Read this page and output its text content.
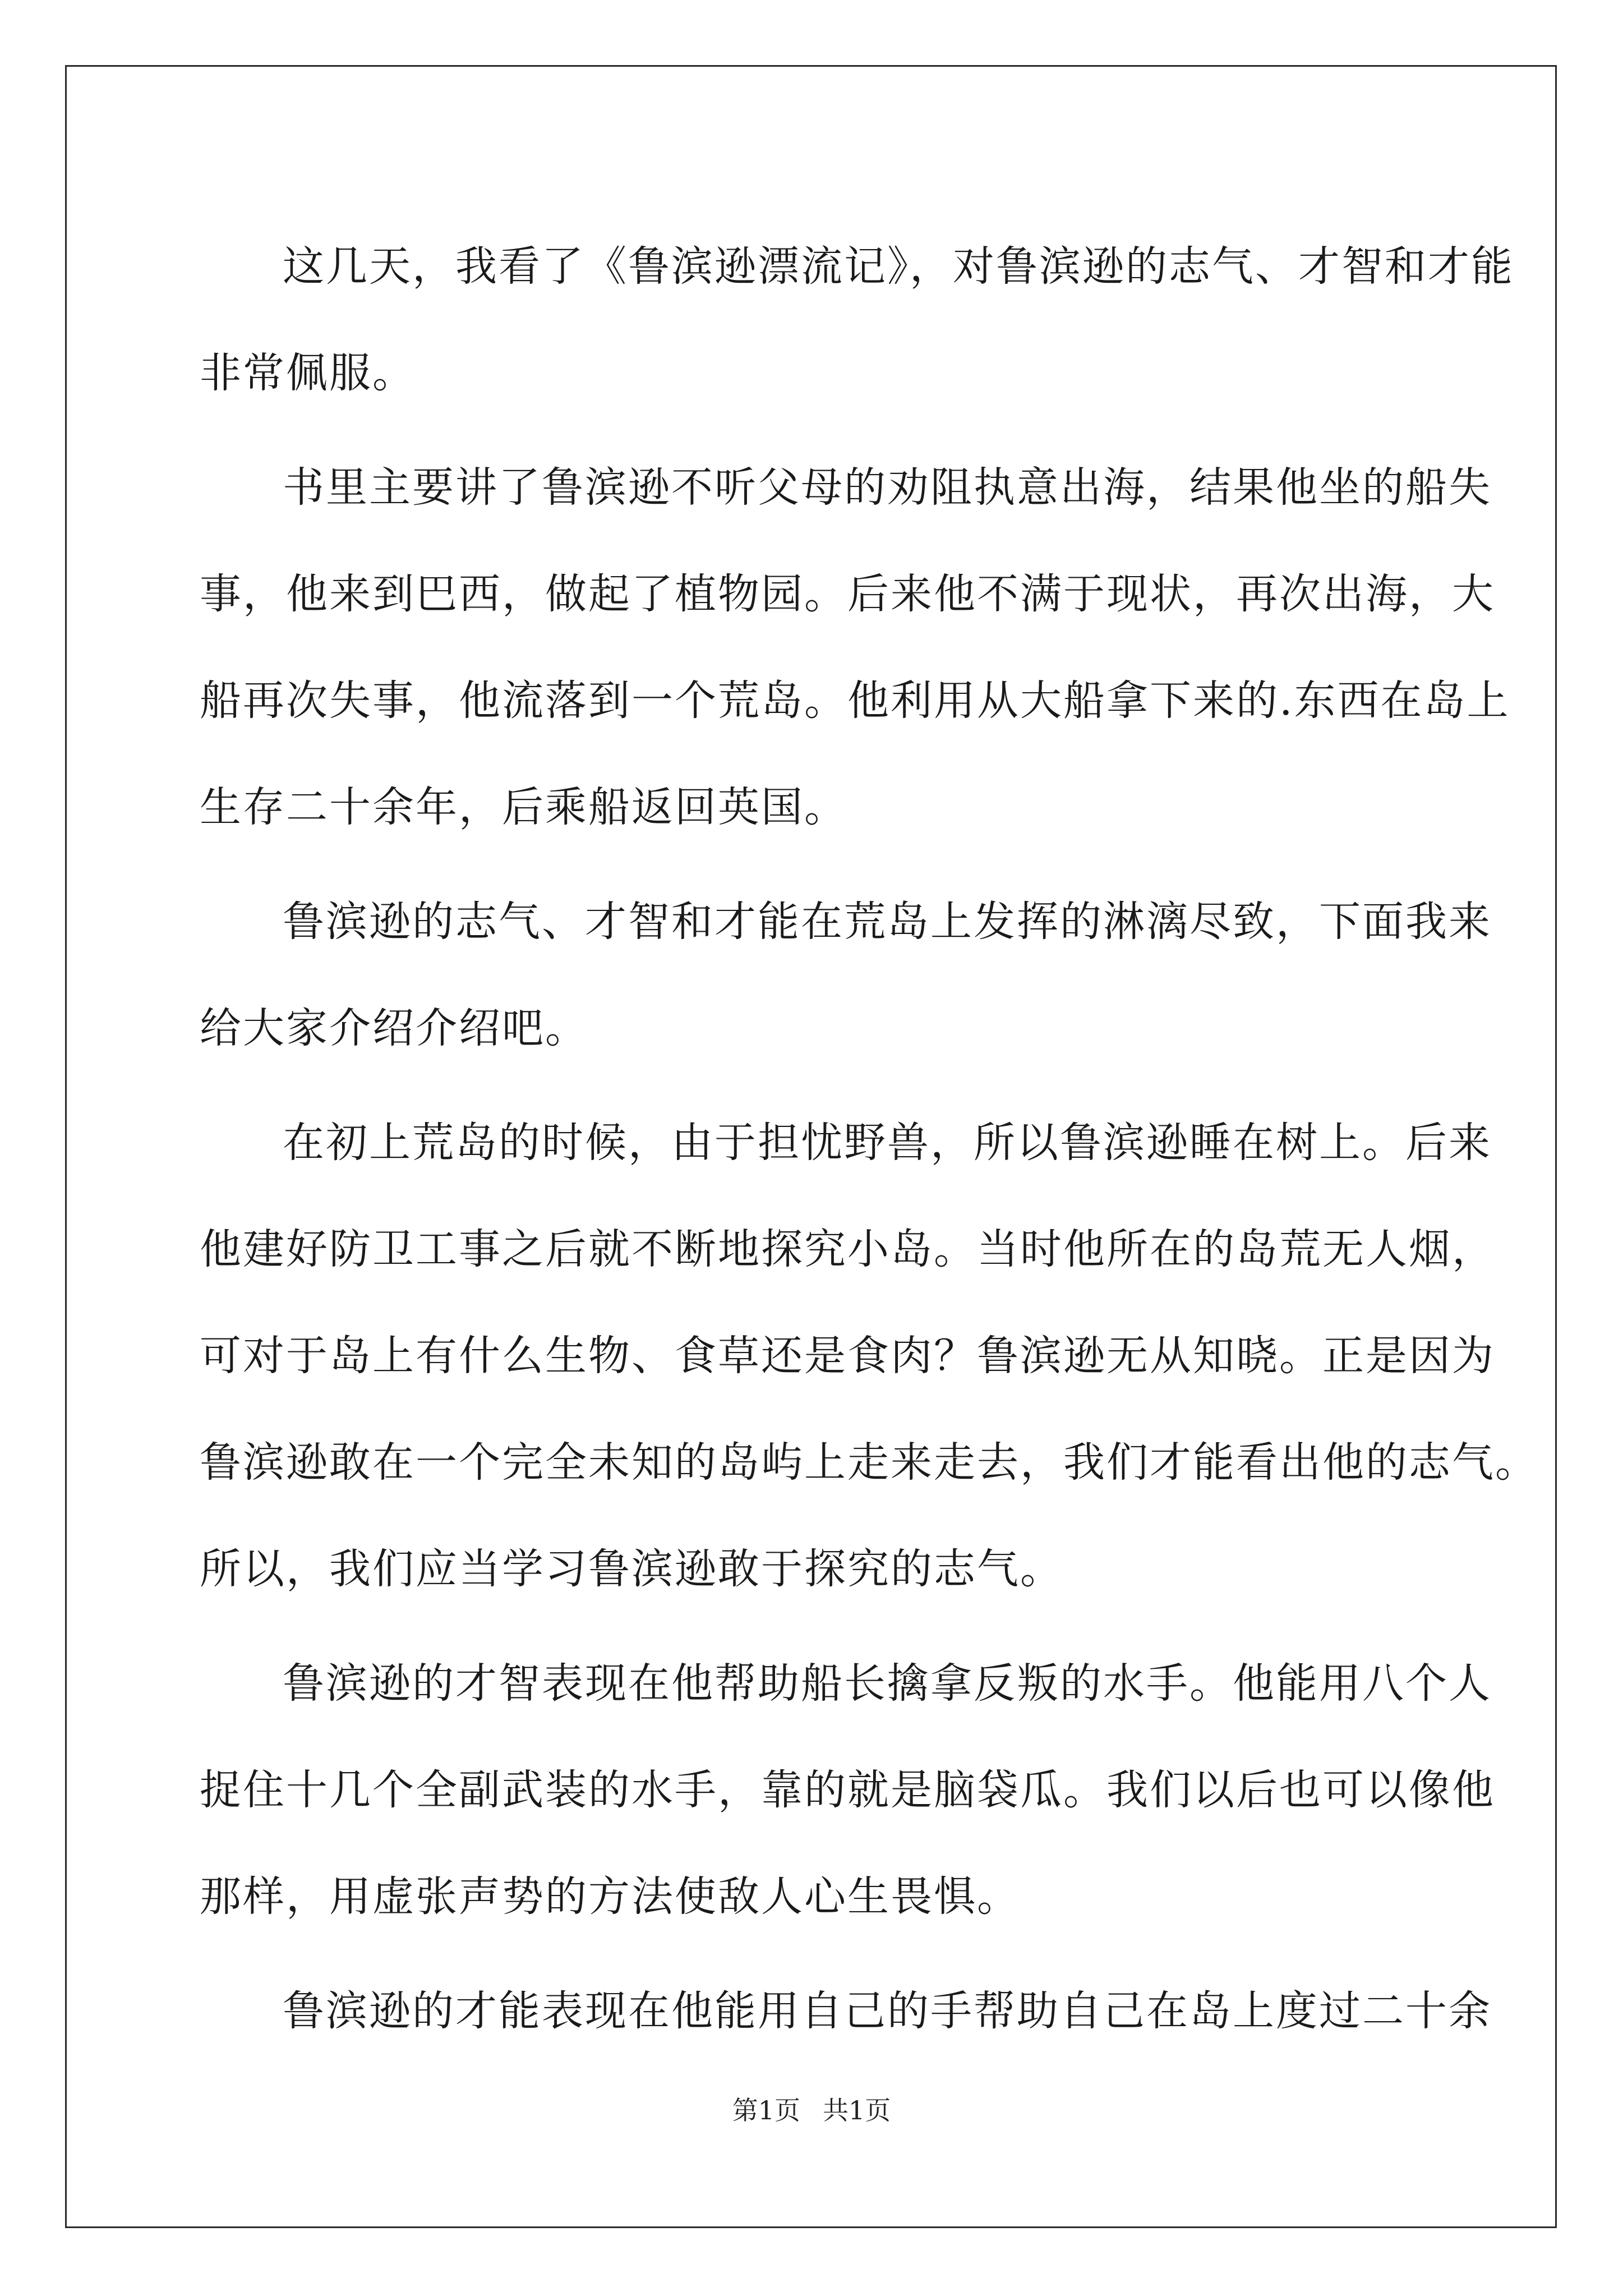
这几天，我看了《鲁滨逊漂流记》，对鲁滨逊的志气、才智和才能
非常佩服。
书里主要讲了鲁滨逊不听父母的劝阻执意出海，结果他坐的船失
事，他来到巴西，做起了植物园。后来他不满于现状，再次出海，大
船再次失事，他流落到一个荒岛。他利用从大船拿下来的.东西在岛上
生存二十余年，后乘船返回英国。
鲁滨逊的志气、才智和才能在荒岛上发挥的淋漓尽致，下面我来
给大家介绍介绍吧。
在初上荒岛的时候，由于担忧野兽，所以鲁滨逊睡在树上。后来
他建好防卫工事之后就不断地探究小岛。当时他所在的岛荒无人烟，
可对于岛上有什么生物、食草还是食肉？鲁滨逊无从知晓。正是因为
鲁滨逊敢在一个完全未知的岛屿上走来走去，我们才能看出他的志气。
所以，我们应当学习鲁滨逊敢于探究的志气。
鲁滨逊的才智表现在他帮助船长擒拿反叛的水手。他能用八个人
捉住十几个全副武装的水手，靠的就是脑袋瓜。我们以后也可以像他
那样，用虚张声势的方法使敌人心生畏惧。
鲁滨逊的才能表现在他能用自己的手帮助自己在岛上度过二十余
第1页 共1页
